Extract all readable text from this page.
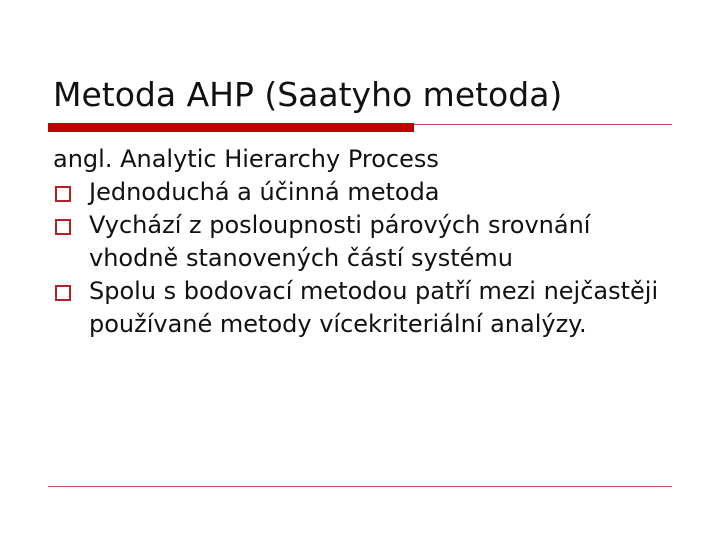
Metoda AHP (Saatyho metoda)
angl. Analytic Hierarchy Process
Jednoduchá a účinná metoda
Vychází z posloupnosti párových srovnání vhodně stanovených částí systému
Spolu s bodovací metodou patří mezi nejčastěji používané metody vícekriteriální analýzy.
